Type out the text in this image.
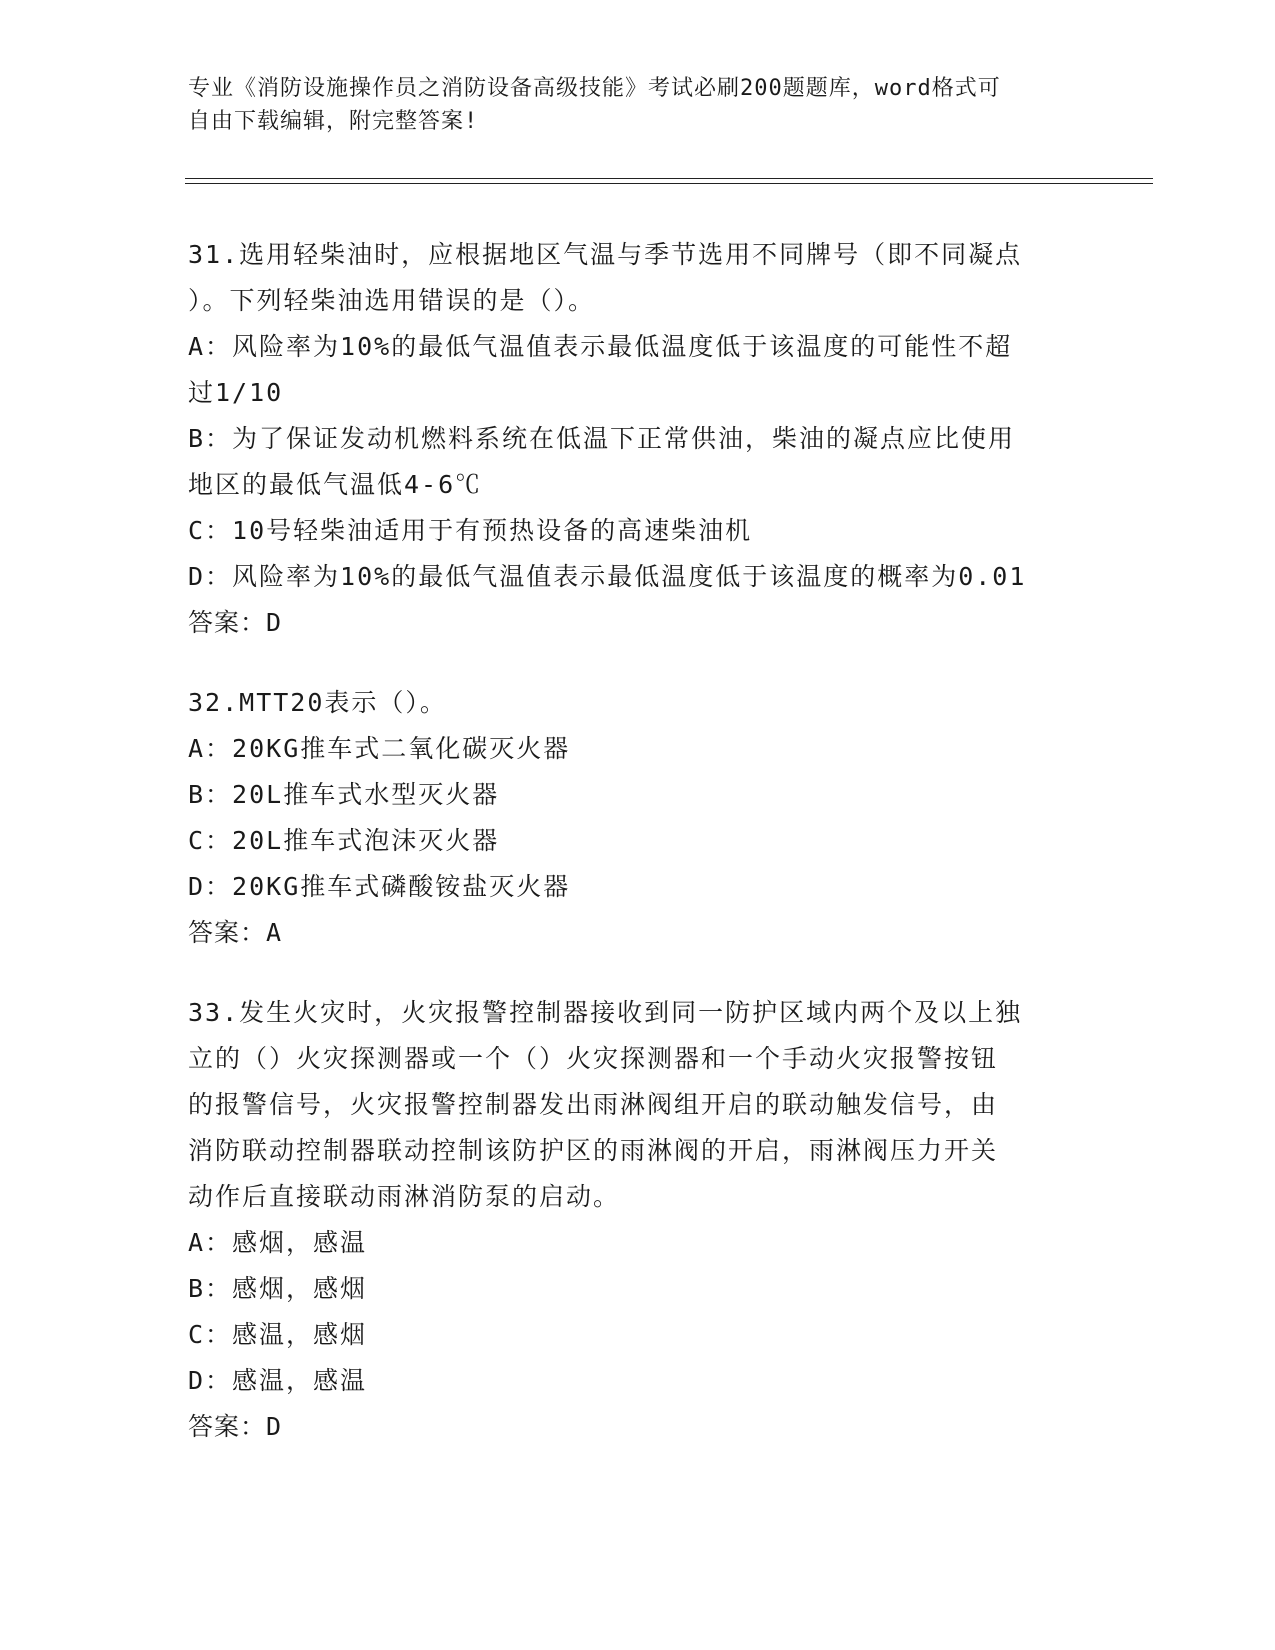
专业《消防设施操作员之消防设备高级技能》考试必刷200题题库，word格式可
自由下载编辑，附完整答案!
31.选用轻柴油时，应根据地区气温与季节选用不同牌号（即不同凝点
）。下列轻柴油选用错误的是（）。
A：风险率为10%的最低气温值表示最低温度低于该温度的可能性不超
过1/10
B：为了保证发动机燃料系统在低温下正常供油，柴油的凝点应比使用
地区的最低气温低4-6℃
C：10号轻柴油适用于有预热设备的高速柴油机
D：风险率为10%的最低气温值表示最低温度低于该温度的概率为0.01
答案：D
32.MTT20表示（）。
A：20KG推车式二氧化碳灭火器
B：20L推车式水型灭火器
C：20L推车式泡沫灭火器
D：20KG推车式磷酸铵盐灭火器
答案：A
33.发生火灾时，火灾报警控制器接收到同一防护区域内两个及以上独
立的（）火灾探测器或一个（）火灾探测器和一个手动火灾报警按钮
的报警信号，火灾报警控制器发出雨淋阀组开启的联动触发信号，由
消防联动控制器联动控制该防护区的雨淋阀的开启，雨淋阀压力开关
动作后直接联动雨淋消防泵的启动。
A：感烟，感温
B：感烟，感烟
C：感温，感烟
D：感温，感温
答案：D
